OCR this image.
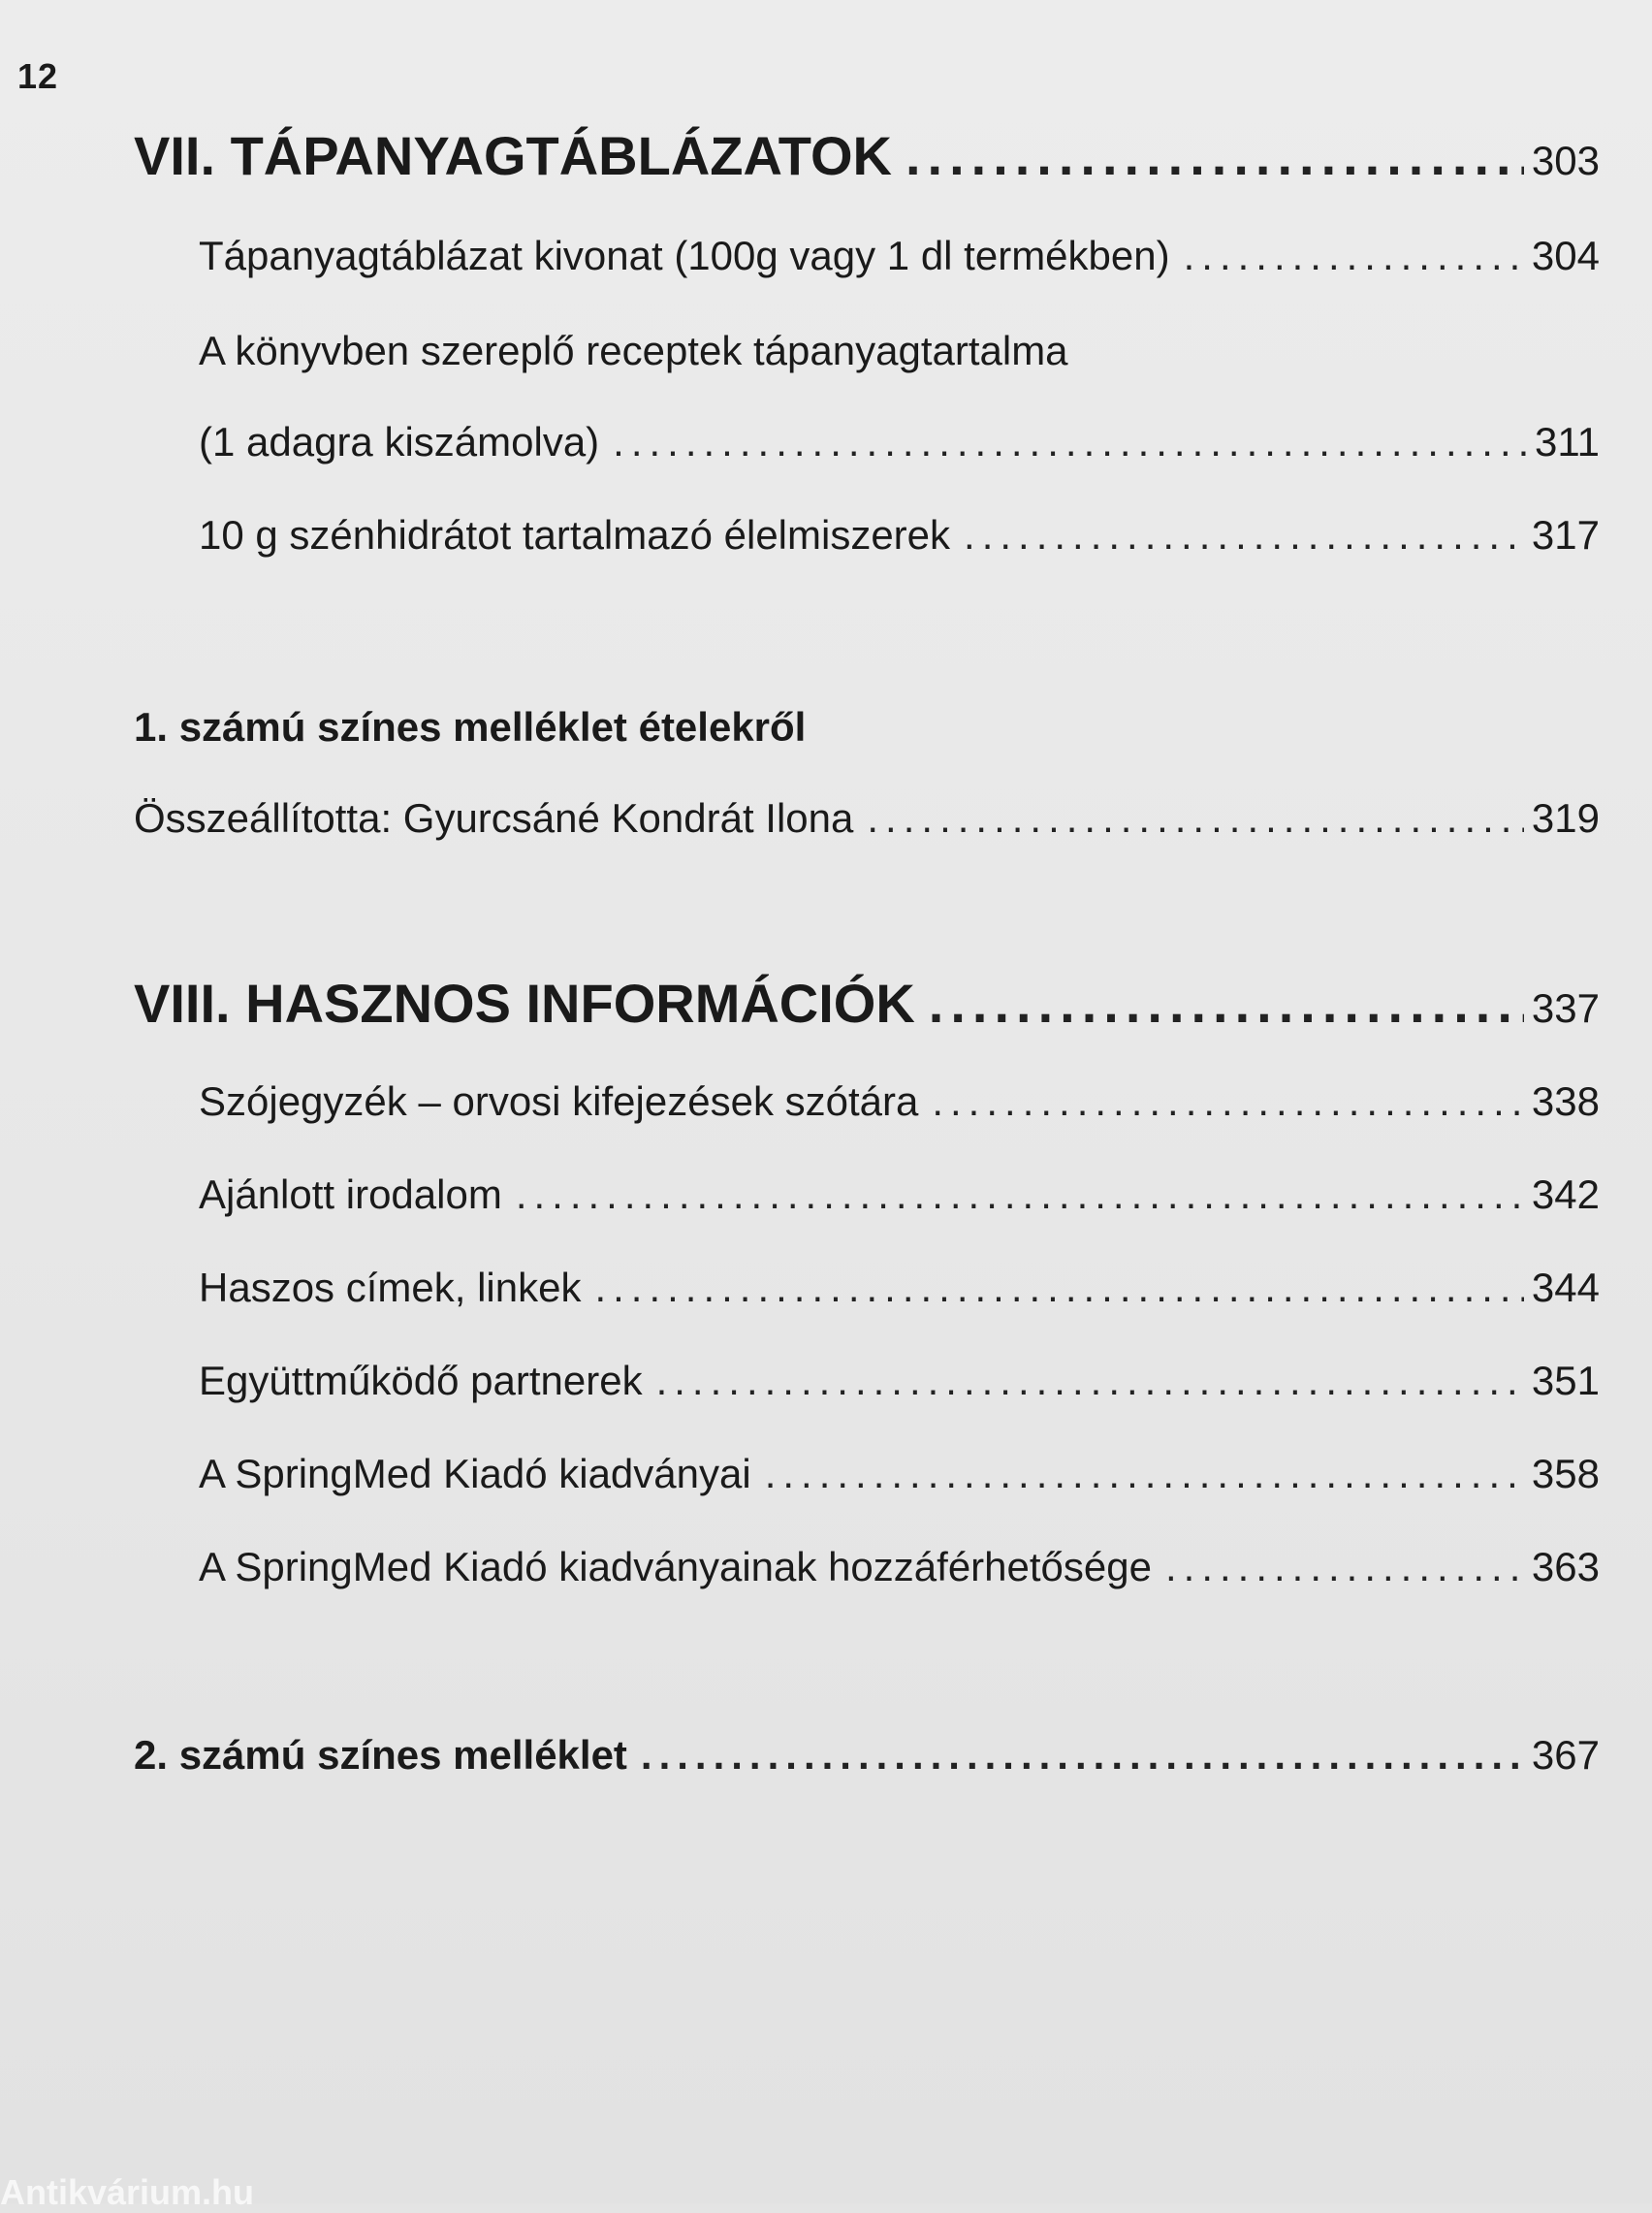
12
VII. TÁPANYAGTÁBLÁZATOK .....	303
Tápanyagtáblázat kivonat (100g vagy 1 dl termékben) .....	304
A könyvben szereplő receptek tápanyagtartalma
(1 adagra kiszámolva) .....	311
10 g szénhidrátot tartalmazó élelmiszerek .....	317
1. számú színes melléklet ételekről
Összeállította: Gyurcsáné Kondrát Ilona .....	319
VIII. HASZNOS INFORMÁCIÓK .....	337
Szójegyzék – orvosi kifejezések szótára .....	338
Ajánlott irodalom .....	342
Haszos címek, linkek .....	344
Együttműködő partnerek .....	351
A SpringMed Kiadó kiadványai .....	358
A SpringMed Kiadó kiadványainak hozzáférhetősége .....	363
2. számú színes melléklet .....	367
Antikvárium.hu
